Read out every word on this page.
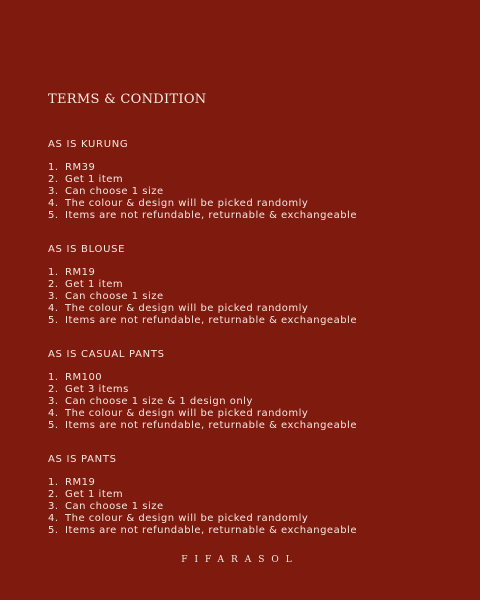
TERMS & CONDITION
AS IS KURUNG
1. RM39
2. Get 1 item
3. Can choose 1 size
4. The colour & design will be picked randomly
5. Items are not refundable, returnable & exchangeable
AS IS BLOUSE
1. RM19
2. Get 1 item
3. Can choose 1 size
4. The colour & design will be picked randomly
5. Items are not refundable, returnable & exchangeable
AS IS CASUAL PANTS
1. RM100
2. Get 3 items
3. Can choose 1 size & 1 design only
4. The colour & design will be picked randomly
5. Items are not refundable, returnable & exchangeable
AS IS PANTS
1. RM19
2. Get 1 item
3. Can choose 1 size
4. The colour & design will be picked randomly
5. Items are not refundable, returnable & exchangeable
FIFARASOL
